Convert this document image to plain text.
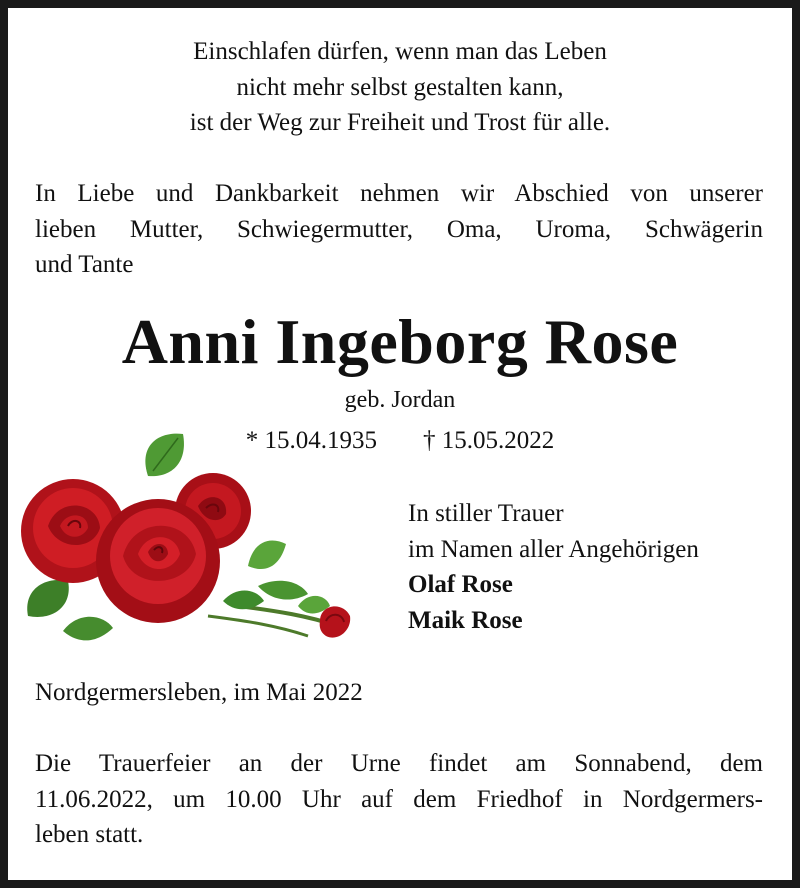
Einschlafen dürfen, wenn man das Leben
nicht mehr selbst gestalten kann,
ist der Weg zur Freiheit und Trost für alle.
In Liebe und Dankbarkeit nehmen wir Abschied von unserer
lieben Mutter, Schwiegermutter, Oma, Uroma, Schwägerin
und Tante
Anni Ingeborg Rose
geb. Jordan
* 15.04.1935 † 15.05.2022
In stiller Trauer
im Namen aller Angehörigen
Olaf Rose
Maik Rose
Nordgermersleben, im Mai 2022
Die Trauerfeier an der Urne findet am Sonnabend, dem
11.06.2022, um 10.00 Uhr auf dem Friedhof in Nordgermers-
leben statt.
